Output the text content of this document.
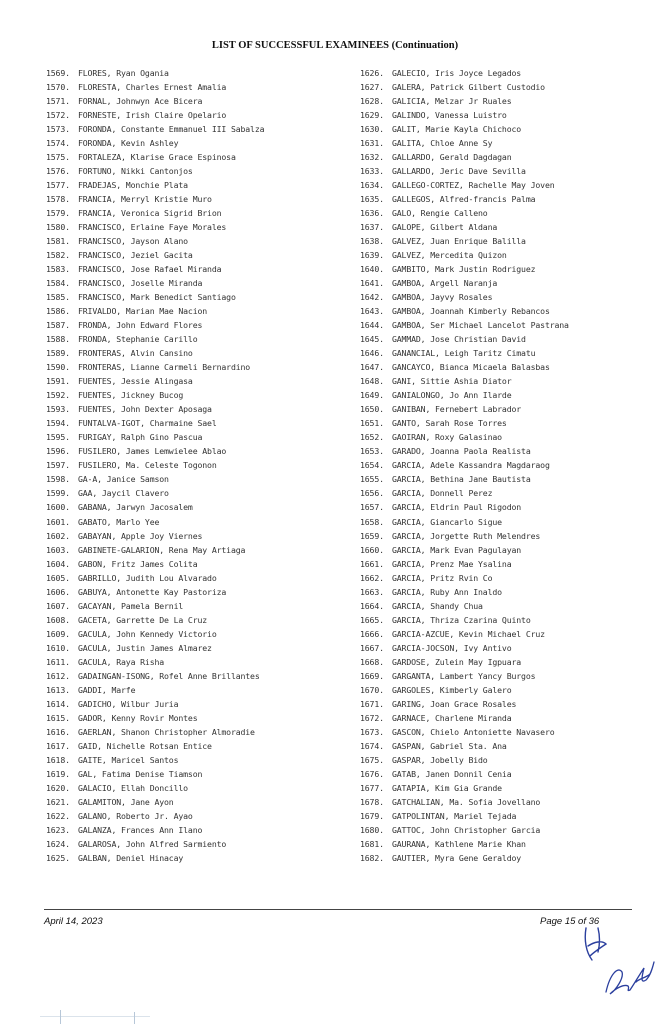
LIST OF SUCCESSFUL EXAMINEES (Continuation)
1569. FLORES, Ryan Ogania
1570. FLORESTA, Charles Ernest Amalia
1571. FORNAL, Johnwyn Ace Bicera
1572. FORNESTE, Irish Claire Opelario
1573. FORONDA, Constante Emmanuel III Sabalza
1574. FORONDA, Kevin Ashley
1575. FORTALEZA, Klarise Grace Espinosa
1576. FORTUNO, Nikki Cantonjos
1577. FRADEJAS, Monchie Plata
1578. FRANCIA, Merryl Kristie Muro
1579. FRANCIA, Veronica Sigrid Brion
1580. FRANCISCO, Erlaine Faye Morales
1581. FRANCISCO, Jayson Alano
1582. FRANCISCO, Jeziel Gacita
1583. FRANCISCO, Jose Rafael Miranda
1584. FRANCISCO, Joselle Miranda
1585. FRANCISCO, Mark Benedict Santiago
1586. FRIVALDO, Marian Mae Nacion
1587. FRONDA, John Edward Flores
1588. FRONDA, Stephanie Carillo
1589. FRONTERAS, Alvin Cansino
1590. FRONTERAS, Lianne Carmeli Bernardino
1591. FUENTES, Jessie Alingasa
1592. FUENTES, Jickney Bucog
1593. FUENTES, John Dexter Aposaga
1594. FUNTALVA-IGOT, Charmaine Sael
1595. FURIGAY, Ralph Gino Pascua
1596. FUSILERO, James Lemwielee Ablao
1597. FUSILERO, Ma. Celeste Togonon
1598. GA-A, Janice Samson
1599. GAA, Jaycil Clavero
1600. GABANA, Jarwyn Jacosalem
1601. GABATO, Marlo Yee
1602. GABAYAN, Apple Joy Viernes
1603. GABINETE-GALARION, Rena May Artiaga
1604. GABON, Fritz James Colita
1605. GABRILLO, Judith Lou Alvarado
1606. GABUYA, Antonette Kay Pastoriza
1607. GACAYAN, Pamela Bernil
1608. GACETA, Garrette De La Cruz
1609. GACULA, John Kennedy Victorio
1610. GACULA, Justin James Almarez
1611. GACULA, Raya Risha
1612. GADAINGAN-ISONG, Rofel Anne Brillantes
1613. GADDI, Marfe
1614. GADICHO, Wilbur Juria
1615. GADOR, Kenny Rovir Montes
1616. GAERLAN, Shanon Christopher Almoradie
1617. GAID, Nichelle Rotsan Entice
1618. GAITE, Maricel Santos
1619. GAL, Fatima Denise Tiamson
1620. GALACIO, Ellah Doncillo
1621. GALAMITON, Jane Ayon
1622. GALANO, Roberto Jr. Ayao
1623. GALANZA, Frances Ann Ilano
1624. GALAROSA, John Alfred Sarmiento
1625. GALBAN, Deniel Hinacay
1626. GALECIO, Iris Joyce Legados
1627. GALERA, Patrick Gilbert Custodio
1628. GALICIA, Melzar Jr Ruales
1629. GALINDO, Vanessa Luistro
1630. GALIT, Marie Kayla Chichoco
1631. GALITA, Chloe Anne Sy
1632. GALLARDO, Gerald Dagdagan
1633. GALLARDO, Jeric Dave Sevilla
1634. GALLEGO-CORTEZ, Rachelle May Joven
1635. GALLEGOS, Alfred-francis Palma
1636. GALO, Rengie Calleno
1637. GALOPE, Gilbert Aldana
1638. GALVEZ, Juan Enrique Balilla
1639. GALVEZ, Mercedita Quizon
1640. GAMBITO, Mark Justin Rodriguez
1641. GAMBOA, Argell Naranja
1642. GAMBOA, Jayvy Rosales
1643. GAMBOA, Joannah Kimberly Rebancos
1644. GAMBOA, Ser Michael Lancelot Pastrana
1645. GAMMAD, Jose Christian David
1646. GANANCIAL, Leigh Taritz Cimatu
1647. GANCAYCO, Bianca Micaela Balasbas
1648. GANI, Sittie Ashia Diator
1649. GANIALONGO, Jo Ann Ilarde
1650. GANIBAN, Fernebert Labrador
1651. GANTO, Sarah Rose Torres
1652. GAOIRAN, Roxy Galasinao
1653. GARADO, Joanna Paola Realista
1654. GARCIA, Adele Kassandra Magdaraog
1655. GARCIA, Bethina Jane Bautista
1656. GARCIA, Donnell Perez
1657. GARCIA, Eldrin Paul Rigodon
1658. GARCIA, Giancarlo Sigue
1659. GARCIA, Jorgette Ruth Melendres
1660. GARCIA, Mark Evan Pagulayan
1661. GARCIA, Prenz Mae Ysalina
1662. GARCIA, Pritz Rvin Co
1663. GARCIA, Ruby Ann Inaldo
1664. GARCIA, Shandy Chua
1665. GARCIA, Thriza Czarina Quinto
1666. GARCIA-AZCUE, Kevin Michael Cruz
1667. GARCIA-JOCSON, Ivy Antivo
1668. GARDOSE, Zulein May Igpuara
1669. GARGANTA, Lambert Yancy Burgos
1670. GARGOLES, Kimberly Galero
1671. GARING, Joan Grace Rosales
1672. GARNACE, Charlene Miranda
1673. GASCON, Chielo Antoniette Navasero
1674. GASPAN, Gabriel Sta. Ana
1675. GASPAR, Jobelly Bido
1676. GATAB, Janen Donnil Cenia
1677. GATAPIA, Kim Gia Grande
1678. GATCHALIAN, Ma. Sofia Jovellano
1679. GATPOLINTAN, Mariel Tejada
1680. GATTOC, John Christopher Garcia
1681. GAURANA, Kathlene Marie Khan
1682. GAUTIER, Myra Gene Geraldoy
April 14, 2023	Page 15 of 36
